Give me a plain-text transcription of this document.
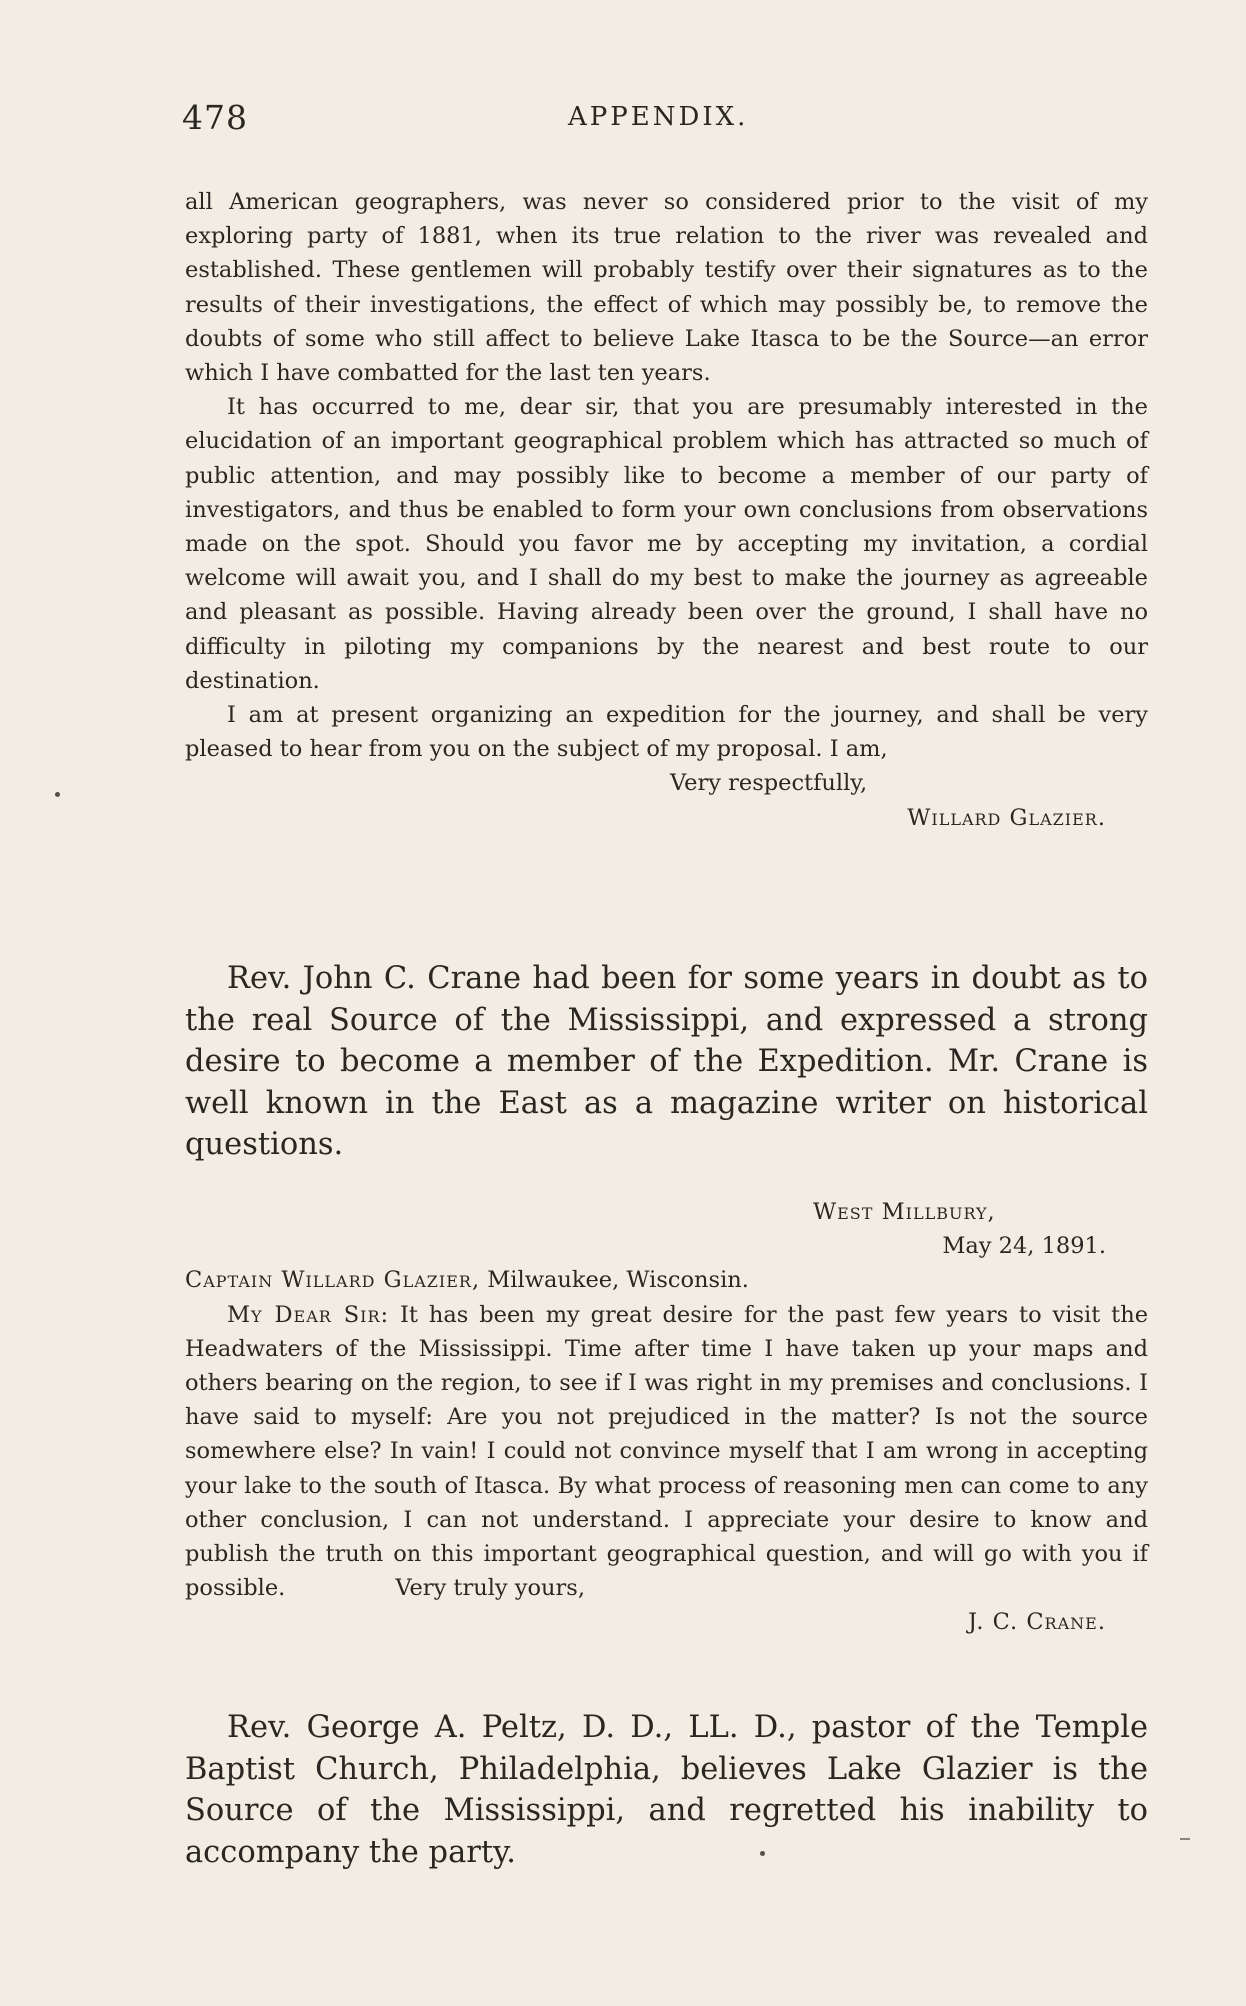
478	APPENDIX.

all American geographers, was never so considered prior to the visit of my exploring party of 1881, when its true relation to the river was revealed and established. These gentlemen will probably testify over their signatures as to the results of their investigations, the effect of which may possibly be, to remove the doubts of some who still affect to believe Lake Itasca to be the Source—an error which I have combatted for the last ten years.

It has occurred to me, dear sir, that you are presumably interested in the elucidation of an important geographical problem which has attracted so much of public attention, and may possibly like to become a member of our party of investigators, and thus be enabled to form your own conclusions from observations made on the spot. Should you favor me by accepting my invitation, a cordial welcome will await you, and I shall do my best to make the journey as agreeable and pleasant as possible. Having already been over the ground, I shall have no difficulty in piloting my companions by the nearest and best route to our destination.

I am at present organizing an expedition for the journey, and shall be very pleased to hear from you on the subject of my proposal. I am,

Very respectfully,

Willard Glazier.

Rev. John C. Crane had been for some years in doubt as to the real Source of the Mississippi, and expressed a strong desire to become a member of the Expedition. Mr. Crane is well known in the East as a magazine writer on historical questions.

West Millbury,

May 24, 1891.

Captain Willard Glazier, Milwaukee, Wisconsin.

My Dear Sir: It has been my great desire for the past few years to visit the Headwaters of the Mississippi. Time after time I have taken up your maps and others bearing on the region, to see if I was right in my premises and conclusions. I have said to myself: Are you not prejudiced in the matter? Is not the source somewhere else? In vain! I could not convince myself that I am wrong in accepting your lake to the south of Itasca. By what process of reasoning men can come to any other conclusion, I can not understand. I appreciate your desire to know and publish the truth on this important geographical question, and will go with you if possible.	Very truly yours,

J. C. Crane.

Rev. George A. Peltz, D. D., LL. D., pastor of the Temple Baptist Church, Philadelphia, believes Lake Glazier is the Source of the Mississippi, and regretted his inability to accompany the party.
